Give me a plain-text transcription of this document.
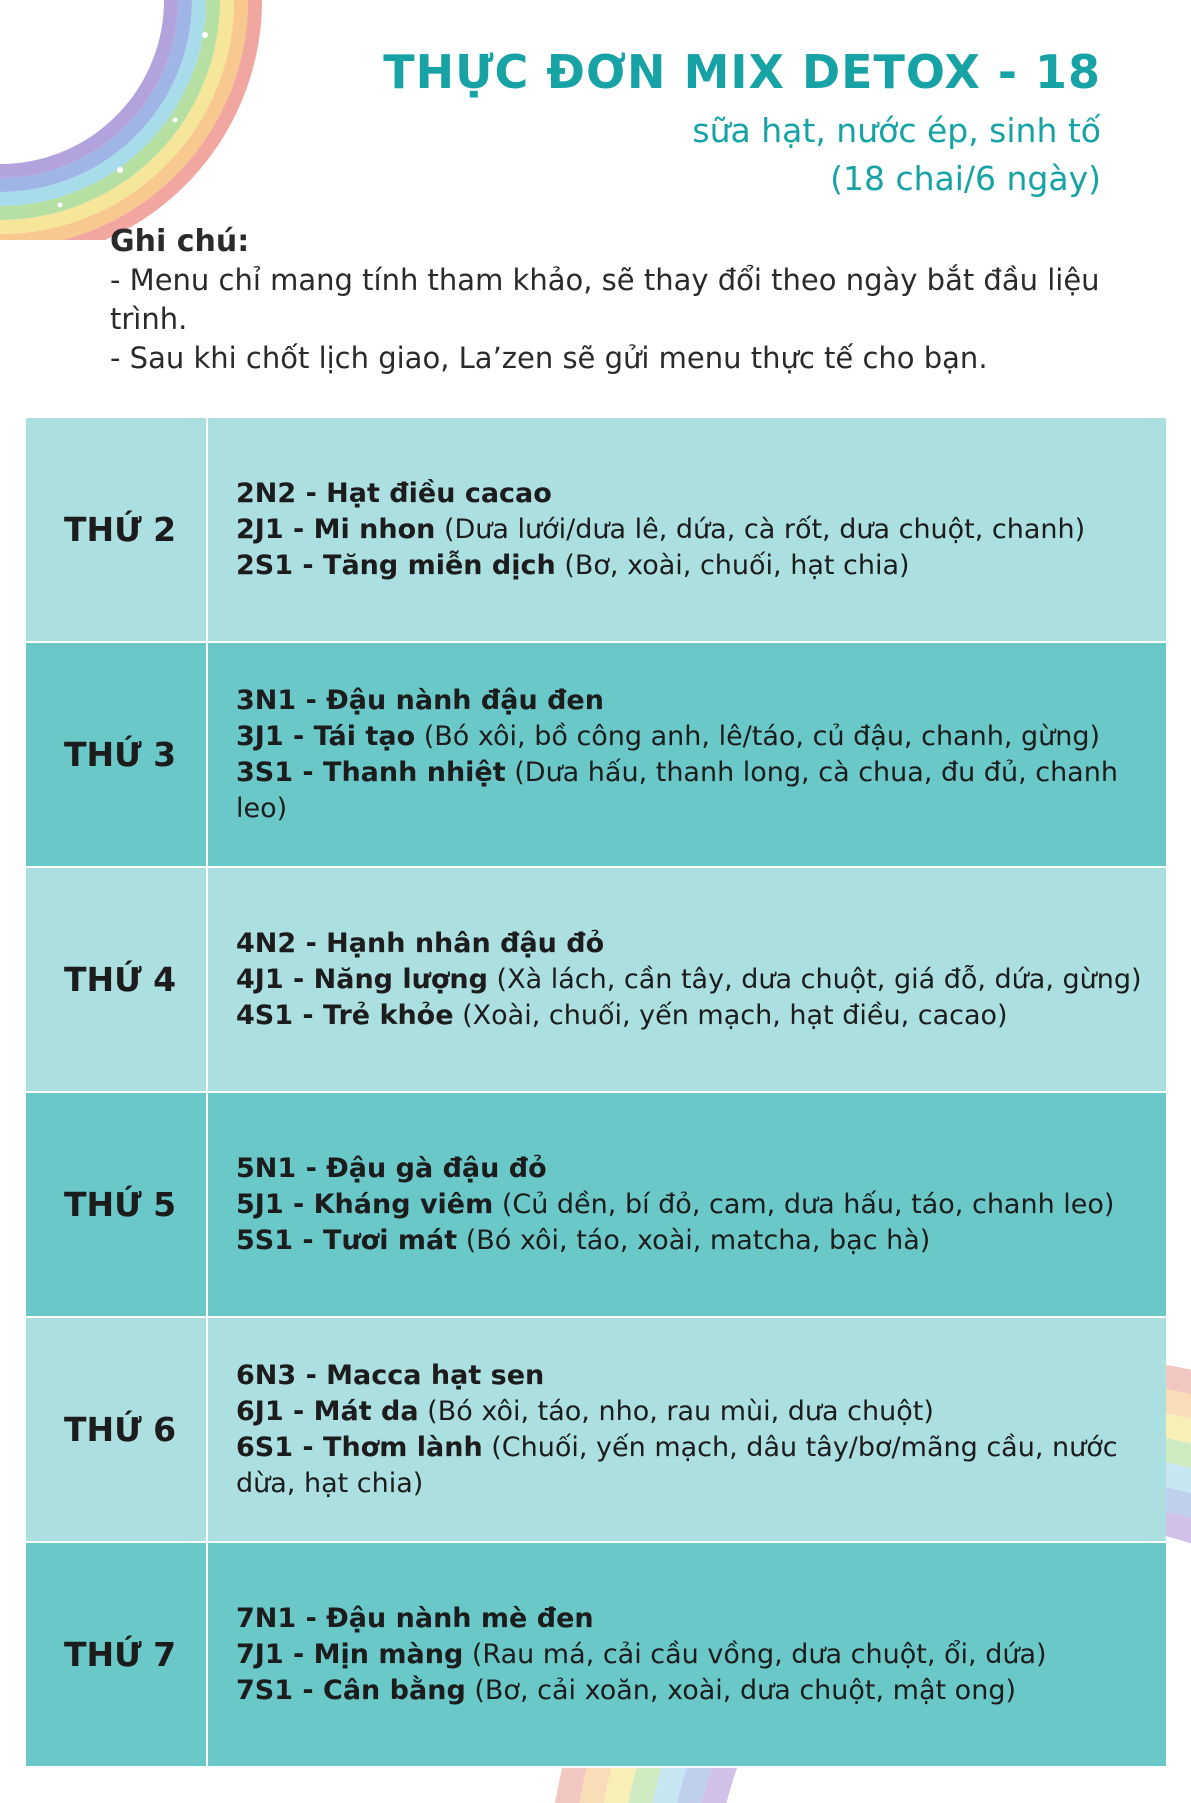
THỰC ĐƠN MIX DETOX - 18
sữa hạt, nước ép, sinh tố
(18 chai/6 ngày)
Ghi chú:
- Menu chỉ mang tính tham khảo, sẽ thay đổi theo ngày bắt đầu liệu trình.
- Sau khi chốt lịch giao, La’zen sẽ gửi menu thực tế cho bạn.
THỨ 2
2N2 - Hạt điều cacao
2J1 - Mi nhon (Dưa lưới/dưa lê, dứa, cà rốt, dưa chuột, chanh)
2S1 - Tăng miễn dịch (Bơ, xoài, chuối, hạt chia)
THỨ 3
3N1 - Đậu nành đậu đen
3J1 - Tái tạo (Bó xôi, bồ công anh, lê/táo, củ đậu, chanh, gừng)
3S1 - Thanh nhiệt (Dưa hấu, thanh long, cà chua, đu đủ, chanh leo)
THỨ 4
4N2 - Hạnh nhân đậu đỏ
4J1 - Năng lượng (Xà lách, cần tây, dưa chuột, giá đỗ, dứa, gừng)
4S1 - Trẻ khỏe (Xoài, chuối, yến mạch, hạt điều, cacao)
THỨ 5
5N1 - Đậu gà đậu đỏ
5J1 - Kháng viêm (Củ dền, bí đỏ, cam, dưa hấu, táo, chanh leo)
5S1 - Tươi mát (Bó xôi, táo, xoài, matcha, bạc hà)
THỨ 6
6N3 - Macca hạt sen
6J1 - Mát da (Bó xôi, táo, nho, rau mùi, dưa chuột)
6S1 - Thơm lành (Chuối, yến mạch, dâu tây/bơ/mãng cầu, nước dừa, hạt chia)
THỨ 7
7N1 - Đậu nành mè đen
7J1 - Mịn màng (Rau má, cải cầu vồng, dưa chuột, ổi, dứa)
7S1 - Cân bằng (Bơ, cải xoăn, xoài, dưa chuột, mật ong)
